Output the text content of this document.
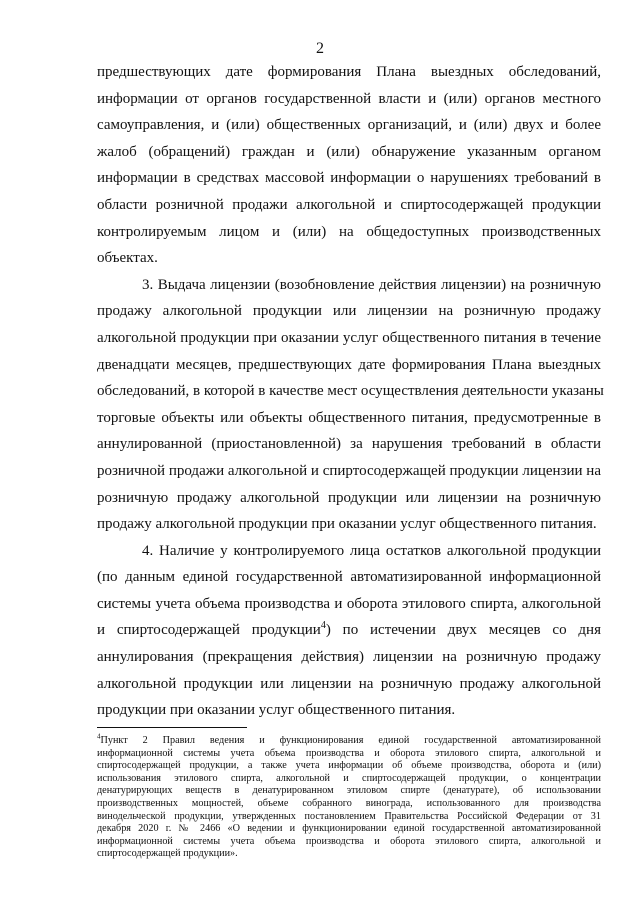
2
предшествующих дате формирования Плана выездных обследований,
информации от органов государственной власти и (или) органов местного
самоуправления, и (или) общественных организаций, и (или) двух и более
жалоб (обращений) граждан и (или) обнаружение указанным органом
информации в средствах массовой информации о нарушениях требований в
области розничной продажи алкогольной и спиртосодержащей продукции
контролируемым лицом и (или) на общедоступных производственных
объектах.
3. Выдача лицензии (возобновление действия лицензии) на розничную
продажу алкогольной продукции или лицензии на розничную продажу
алкогольной продукции при оказании услуг общественного питания в течение
двенадцати месяцев, предшествующих дате формирования Плана выездных
обследований, в которой в качестве мест осуществления деятельности указаны
торговые объекты или объекты общественного питания, предусмотренные в
аннулированной (приостановленной) за нарушения требований в области
розничной продажи алкогольной и спиртосодержащей продукции лицензии на
розничную продажу алкогольной продукции или лицензии на розничную
продажу алкогольной продукции при оказании услуг общественного питания.
4. Наличие у контролируемого лица остатков алкогольной продукции
(по данным единой государственной автоматизированной информационной
системы учета объема производства и оборота этилового спирта, алкогольной
и спиртосодержащей продукции$^4$) по истечении двух месяцев со дня
аннулирования (прекращения действия) лицензии на розничную продажу
алкогольной продукции или лицензии на розничную продажу алкогольной
продукции при оказании услуг общественного питания.
$^4$Пункт 2 Правил ведения и функционирования единой государственной автоматизированной
информационной системы учета объема производства и оборота этилового спирта, алкогольной и
спиртосодержащей продукции, а также учета информации об объеме производства, оборота и (или)
использования этилового спирта, алкогольной и спиртосодержащей продукции, о концентрации
денатурирующих веществ в денатурированном этиловом спирте (денатурате), об использовании
производственных мощностей, объеме собранного винограда, использованного для производства
винодельческой продукции, утвержденных постановлением Правительства Российской Федерации от 31
декабря 2020 г. № 2466 «О ведении и функционировании единой государственной автоматизированной
информационной системы учета объема производства и оборота этилового спирта, алкогольной и
спиртосодержащей продукции».
